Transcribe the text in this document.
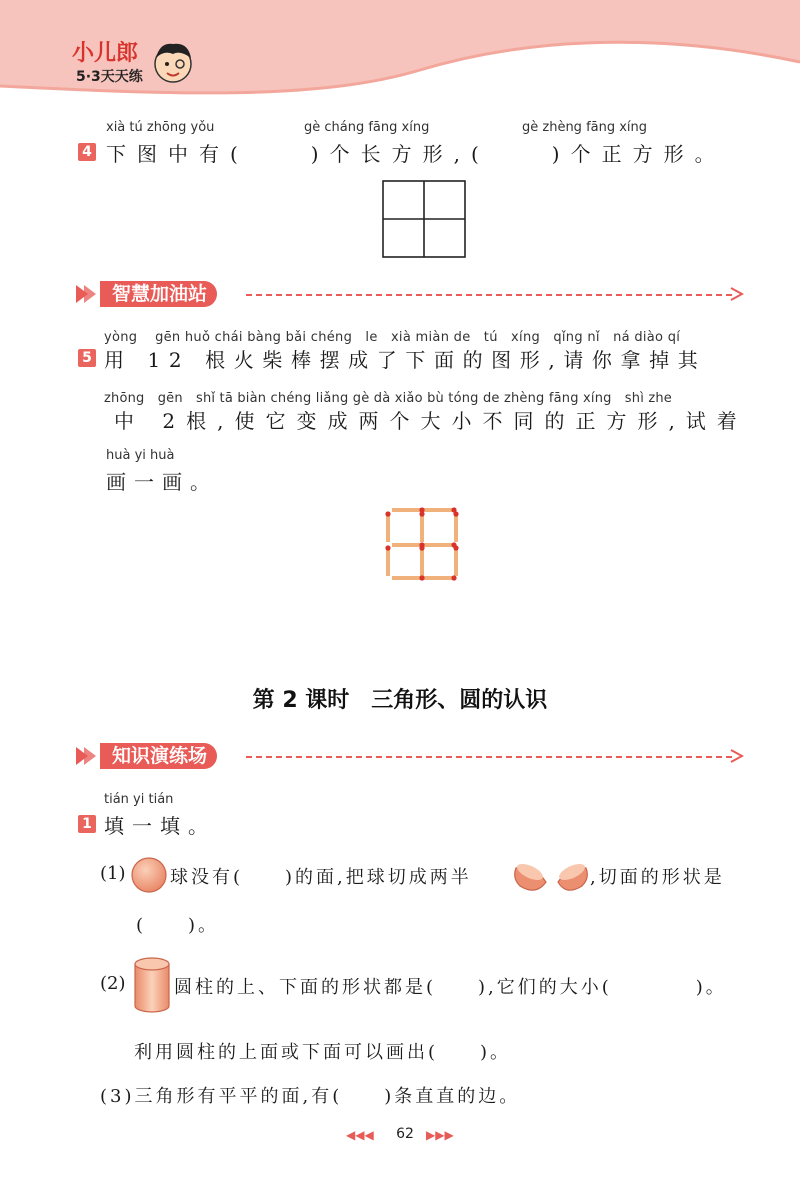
小儿郎
5·3天天练
xià tú zhōng yǒu	gè cháng fāng xíng	gè zhèng fāng xíng
4 下图中有(　　)个长方形,(　　)个正方形。
智慧加油站
yòng　 gēn huǒ chái bàng bǎi chéng　le　xià miàn de　tú　xíng　qǐng nǐ　ná diào qí
5 用 12 根火柴棒摆成了下面的图形,请你拿掉其
zhōng　gēn　shǐ tā biàn chéng liǎng gè dà xiǎo bù tóng de zhèng fāng xíng　shì zhe
中 2根,使它变成两个大小不同的正方形,试着
huà yi huà
画一画。
第 2 课时　三角形、圆的认识
知识演练场
tián yi tián
1 填一填。
(1) 球没有(　　)的面,把球切成两半	,切面的形状是
(　　)。
(2)	圆柱的上、下面的形状都是(　　),它们的大小(　　　　)。
利用圆柱的上面或下面可以画出(　　)。
(3)三角形有平平的面,有(　　)条直直的边。
◀◀◀	62	▶▶▶
